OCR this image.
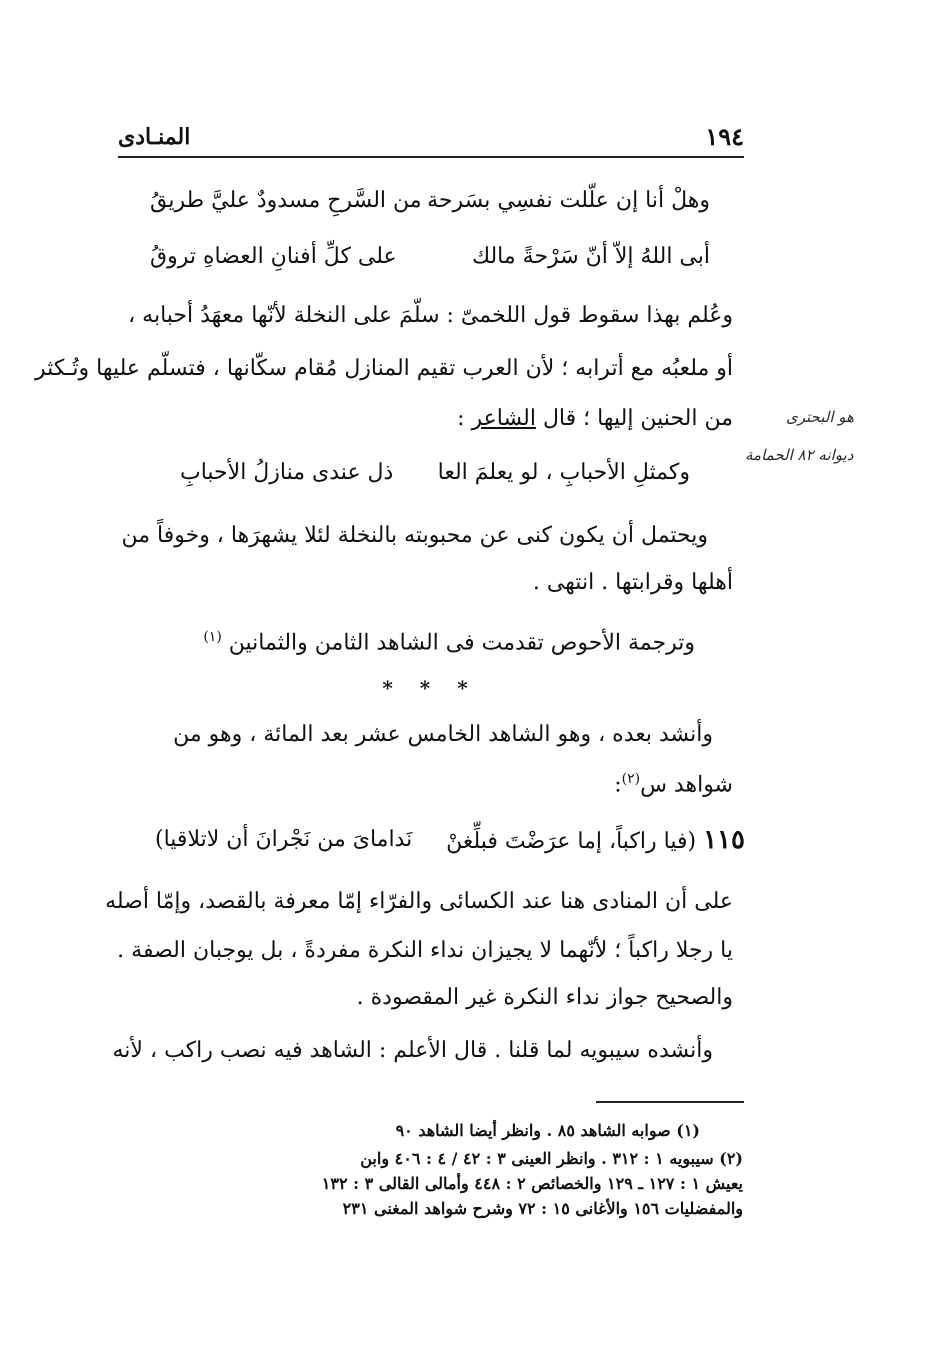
١٩٤
المنـادى
وهلْ أنا إن علّلت نفسِي بسَرحة
من السَّرحِ مسدودٌ عليَّ طريقُ
أبى اللهُ إلاّ أنّ سَرْحةً مالك
على كلِّ أفنانِ العضاهِ تروقُ
وعُلم بهذا سقوط قول اللخمىّ : سلّمَ على النخلة لأنّها معهَدُ أحبابه ،
أو ملعبُه مع أترابه ؛ لأن العرب تقيم المنازل مُقام سكّانها ، فتسلّم عليها وتُـكثر
من الحنين إليها ؛ قال الشاعر :	هو البحترى
ديوانه ٨٢ الحمامة
وكمثلِ الأحبابِ ، لو يعلمَ العا
ذل عندى منازلُ الأحبابِ
ويحتمل أن يكون كنى عن محبوبته بالنخلة لئلا يشهرَها ، وخوفاً من
أهلها وقرابتها . انتهى .
وترجمة الأحوص تقدمت فى الشاهد الثامن والثمانين $^{(١)}$
* * *
وأنشد بعده ، وهو الشاهد الخامس عشر بعد المائة ، وهو من
شواهد س$^{(٢)}$:
١١٥ (فيا راكباً، إما عرَضْتَ فبلِّغنْ
نَداماىَ من نَجْرانَ أن لاتلاقيا)
على أن المنادى هنا عند الكسائى والفرّاء إمّا معرفة بالقصد، وإمّا أصله
يا رجلا راكباً ؛ لأنّهما لا يجيزان نداء النكرة مفردةً ، بل يوجبان الصفة .
والصحيح جواز نداء النكرة غير المقصودة .
وأنشده سيبويه لما قلنا . قال الأعلم : الشاهد فيه نصب راكب ، لأنه
(١) صوابه الشاهد ٨٥ . وانظر أيضا الشاهد ٩٠
(٢) سيبويه ١ : ٣١٢ . وانظر العينى ٣ : ٤٢ / ٤ : ٤٠٦ وابن
يعيش ١ : ١٢٧ ـ ١٢٩ والخصائص ٢ : ٤٤٨ وأمالى القالى ٣ : ١٣٢
والمفضليات ١٥٦ والأغانى ١٥ : ٧٢ وشرح شواهد المغنى ٢٣١
